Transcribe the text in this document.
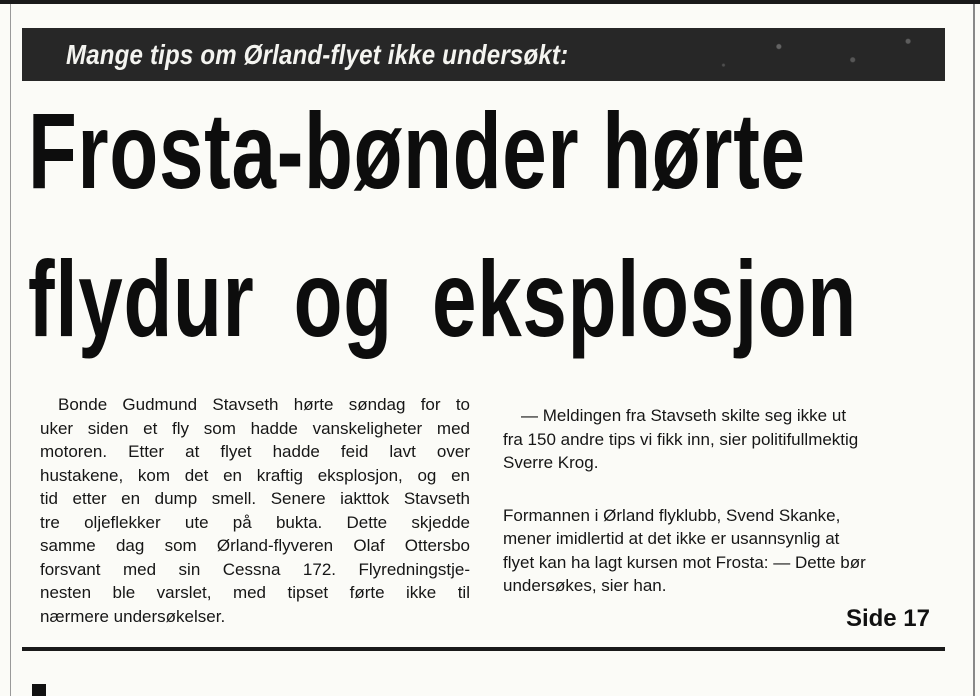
Mange tips om Ørland-flyet ikke undersøkt:
Frosta-bønder hørte
flydur og eksplosjon
Bonde Gudmund Stavseth hørte søndag for to
uker siden et fly som hadde vanskeligheter med
motoren. Etter at flyet hadde feid lavt over
hustakene, kom det en kraftig eksplosjon, og en
tid etter en dump smell. Senere iakttok Stavseth
tre oljeflekker ute på bukta. Dette skjedde
samme dag som Ørland-flyveren Olaf Ottersbo
forsvant med sin Cessna 172. Flyredningstje-
nesten ble varslet, med tipset førte ikke til
nærmere undersøkelser.

— Meldingen fra Stavseth skilte seg ikke ut
fra 150 andre tips vi fikk inn, sier politifullmektig
Sverre Krog.

Formannen i Ørland flyklubb, Svend Skanke,
mener imidlertid at det ikke er usannsynlig at
flyet kan ha lagt kursen mot Frosta: — Dette bør
undersøkes, sier han.

Side 17
